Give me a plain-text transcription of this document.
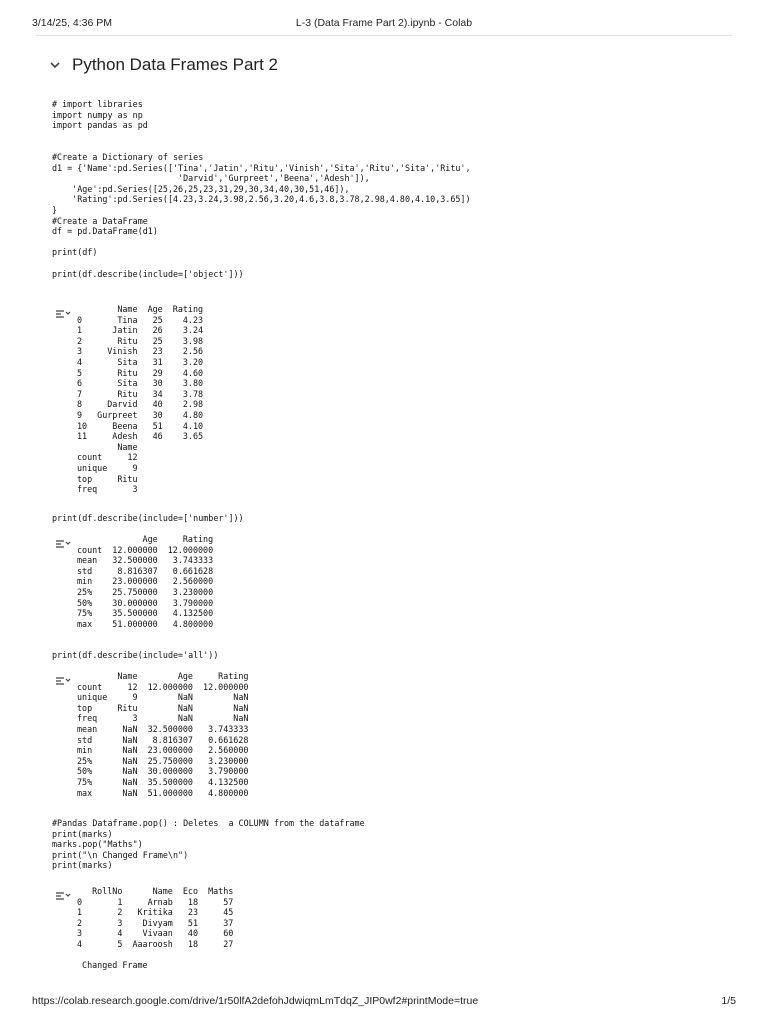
3/14/25, 4:36 PM	L-3 (Data Frame Part 2).ipynb - Colab
Python Data Frames Part 2
# import libraries
import numpy as np
import pandas as pd

#Create a Dictionary of series
d1 = {'Name':pd.Series(['Tina','Jatin','Ritu','Vinish','Sita','Ritu','Sita','Ritu',
'Darvid','Gurpreet','Beena','Adesh']),
'Age':pd.Series([25,26,25,23,31,29,30,34,40,30,51,46]),
'Rating':pd.Series([4.23,3.24,3.98,2.56,3.20,4.6,3.8,3.78,2.98,4.80,4.10,3.65])
}
#Create a DataFrame
df = pd.DataFrame(d1)

print(df)

print(df.describe(include=['object']))
Name  Age  Rating
0       Tina   25    4.23
1      Jatin   26    3.24
2       Ritu   25    3.98
3     Vinish   23    2.56
4       Sita   31    3.20
5       Ritu   29    4.60
6       Sita   30    3.80
7       Ritu   34    3.78
8     Darvid   40    2.98
9   Gurpreet   30    4.80
10     Beena   51    4.10
11     Adesh   46    3.65
Name
count     12
unique     9
top     Ritu
freq       3
print(df.describe(include=['number']))
Age     Rating
count  12.000000  12.000000
mean   32.500000   3.743333
std     8.816307   0.661628
min    23.000000   2.560000
25%    25.750000   3.230000
50%    30.000000   3.790000
75%    35.500000   4.132500
max    51.000000   4.800000
print(df.describe(include='all'))
Name        Age     Rating
count     12  12.000000  12.000000
unique     9        NaN        NaN
top     Ritu        NaN        NaN
freq       3        NaN        NaN
mean     NaN  32.500000   3.743333
std      NaN   8.816307   0.661628
min      NaN  23.000000   2.560000
25%      NaN  25.750000   3.230000
50%      NaN  30.000000   3.790000
75%      NaN  35.500000   4.132500
max      NaN  51.000000   4.800000
#Pandas Dataframe.pop() : Deletes  a COLUMN from the dataframe
print(marks)
marks.pop("Maths")
print("\n Changed Frame\n")
print(marks)
RollNo      Name  Eco  Maths
0       1     Arnab   18     57
1       2   Kritika   23     45
2       3    Divyam   51     37
3       4    Vivaan   40     60
4       5  Aaaroosh   18     27

Changed Frame
https://colab.research.google.com/drive/1r50lfA2defohJdwiqmLmTdqZ_JIP0wf2#printMode=true	1/5
